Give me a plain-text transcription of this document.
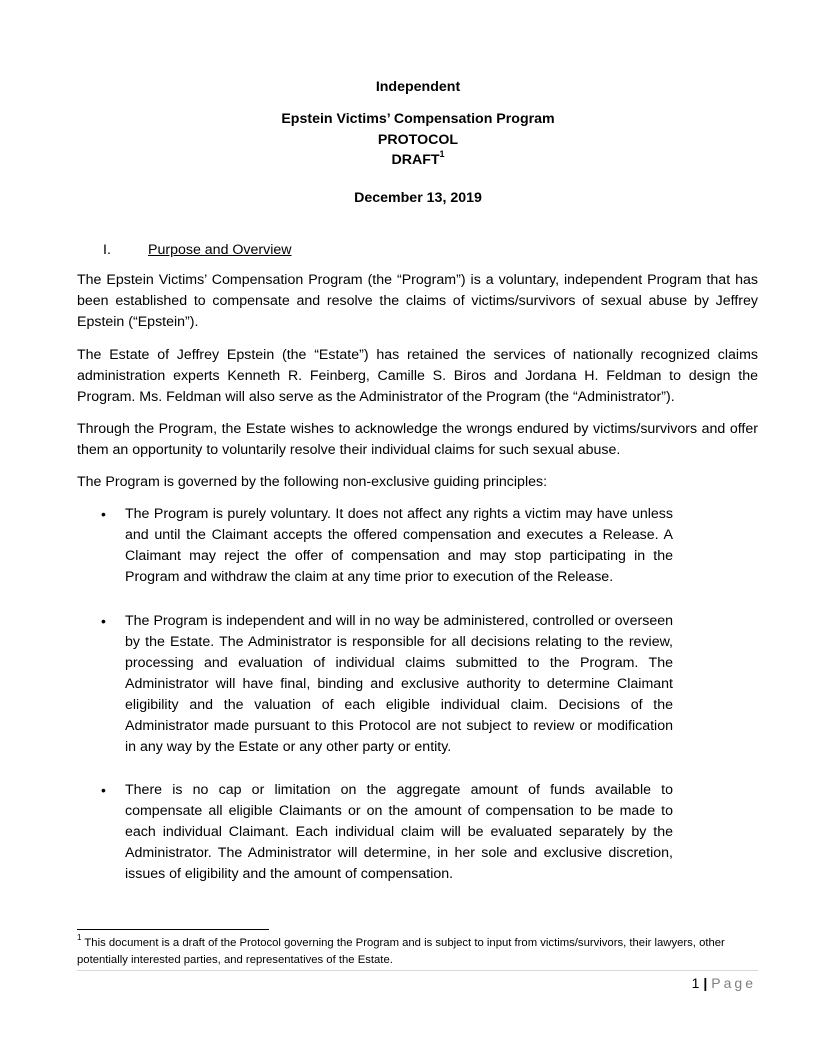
Independent
Epstein Victims’ Compensation Program
PROTOCOL
DRAFT$^1$
December 13, 2019
I.	Purpose and Overview

The Epstein Victims’ Compensation Program (the “Program”) is a voluntary, independent Program that has been established to compensate and resolve the claims of victims/survivors of sexual abuse by Jeffrey Epstein (“Epstein”).

The Estate of Jeffrey Epstein (the “Estate”) has retained the services of nationally recognized claims administration experts Kenneth R. Feinberg, Camille S. Biros and Jordana H. Feldman to design the Program. Ms. Feldman will also serve as the Administrator of the Program (the “Administrator”).

Through the Program, the Estate wishes to acknowledge the wrongs endured by victims/survivors and offer them an opportunity to voluntarily resolve their individual claims for such sexual abuse.

The Program is governed by the following non-exclusive guiding principles:

• The Program is purely voluntary. It does not affect any rights a victim may have unless and until the Claimant accepts the offered compensation and executes a Release. A Claimant may reject the offer of compensation and may stop participating in the Program and withdraw the claim at any time prior to execution of the Release.
• The Program is independent and will in no way be administered, controlled or overseen by the Estate. The Administrator is responsible for all decisions relating to the review, processing and evaluation of individual claims submitted to the Program. The Administrator will have final, binding and exclusive authority to determine Claimant eligibility and the valuation of each eligible individual claim. Decisions of the Administrator made pursuant to this Protocol are not subject to review or modification in any way by the Estate or any other party or entity.
• There is no cap or limitation on the aggregate amount of funds available to compensate all eligible Claimants or on the amount of compensation to be made to each individual Claimant. Each individual claim will be evaluated separately by the Administrator. The Administrator will determine, in her sole and exclusive discretion, issues of eligibility and the amount of compensation.
$^1$ This document is a draft of the Protocol governing the Program and is subject to input from victims/survivors, their lawyers, other potentially interested parties, and representatives of the Estate.
1 | Page
